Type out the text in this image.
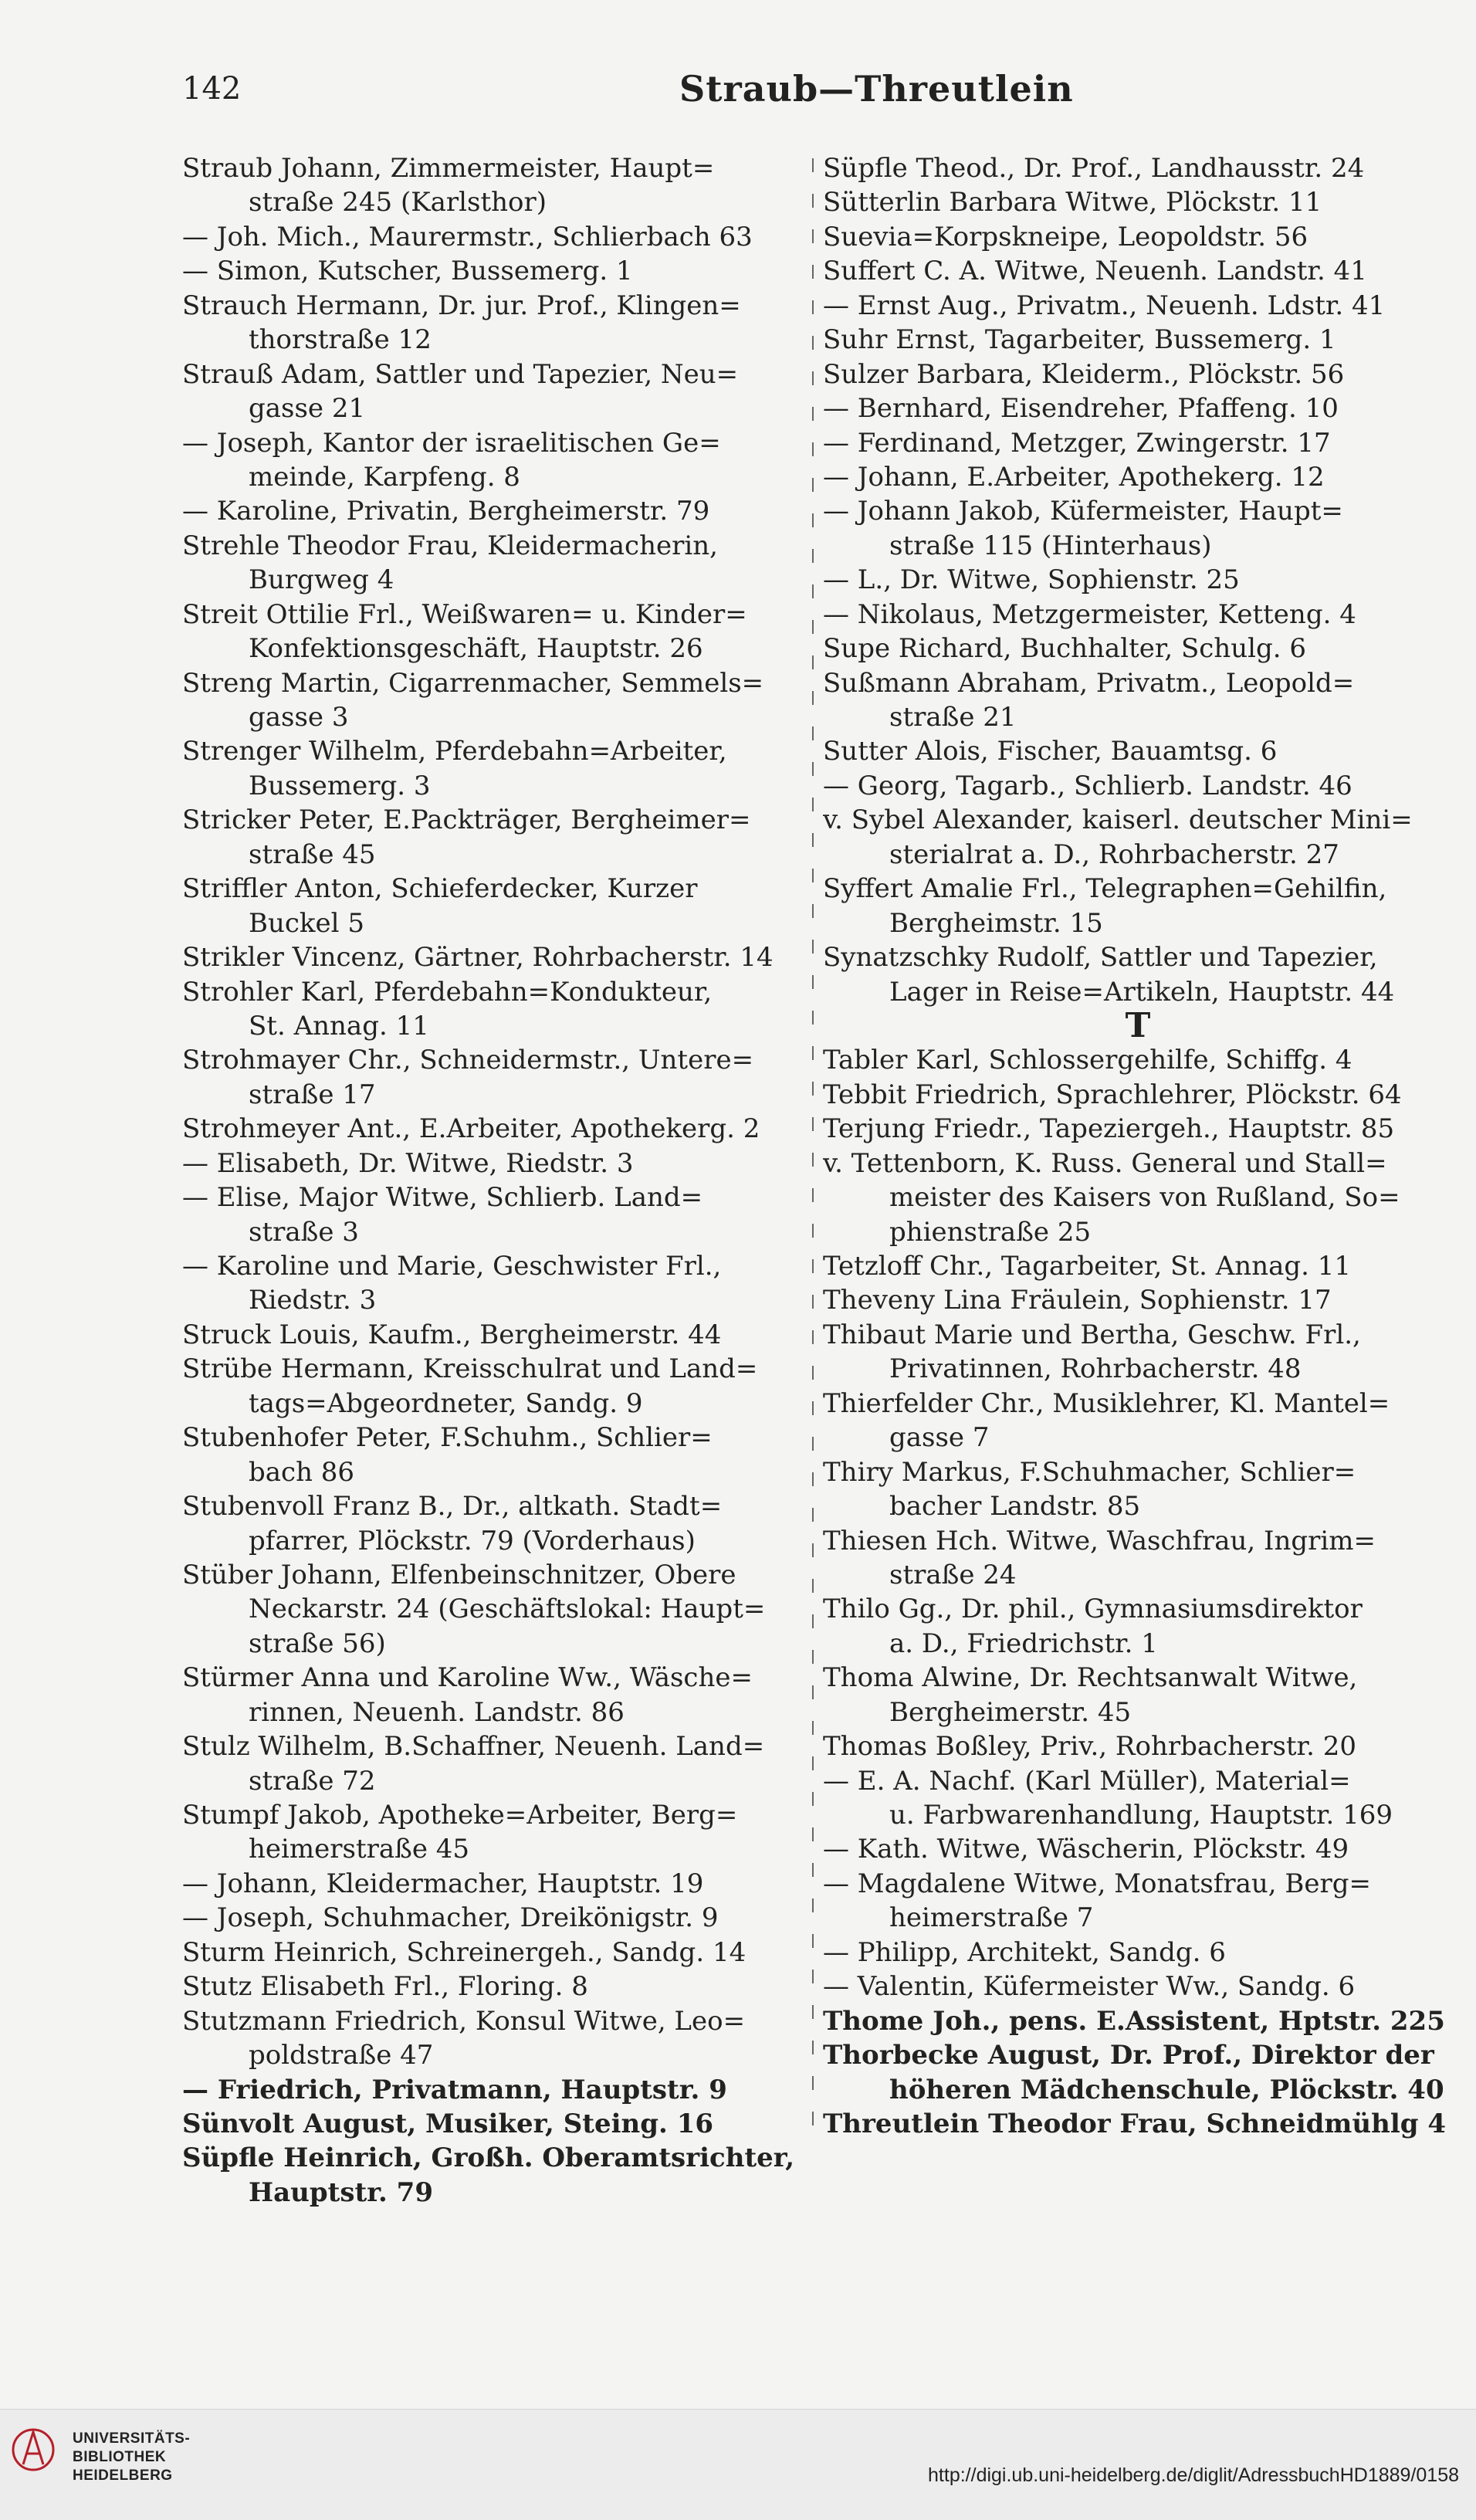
142	Straub—Threutlein
Straub Johann, Zimmermeister, Haupt=
straße 245 (Karlsthor)
— Joh. Mich., Maurermstr., Schlierbach 63
— Simon, Kutscher, Bussemerg. 1
Strauch Hermann, Dr. jur. Prof., Klingen=
thorstraße 12
Strauß Adam, Sattler und Tapezier, Neu=
gasse 21
— Joseph, Kantor der israelitischen Ge=
meinde, Karpfeng. 8
— Karoline, Privatin, Bergheimerstr. 79
Strehle Theodor Frau, Kleidermacherin,
Burgweg 4
Streit Ottilie Frl., Weißwaren= u. Kinder=
Konfektionsgeschäft, Hauptstr. 26
Streng Martin, Cigarrenmacher, Semmels=
gasse 3
Strenger Wilhelm, Pferdebahn=Arbeiter,
Bussemerg. 3
Stricker Peter, E.Packträger, Bergheimer=
straße 45
Striffler Anton, Schieferdecker, Kurzer
Buckel 5
Strikler Vincenz, Gärtner, Rohrbacherstr. 14
Strohler Karl, Pferdebahn=Kondukteur,
St. Annag. 11
Strohmayer Chr., Schneidermstr., Untere=
straße 17
Strohmeyer Ant., E.Arbeiter, Apothekerg. 2
— Elisabeth, Dr. Witwe, Riedstr. 3
— Elise, Major Witwe, Schlierb. Land=
straße 3
— Karoline und Marie, Geschwister Frl.,
Riedstr. 3
Struck Louis, Kaufm., Bergheimerstr. 44
Strübe Hermann, Kreisschulrat und Land=
tags=Abgeordneter, Sandg. 9
Stubenhofer Peter, F.Schuhm., Schlier=
bach 86
Stubenvoll Franz B., Dr., altkath. Stadt=
pfarrer, Plöckstr. 79 (Vorderhaus)
Stüber Johann, Elfenbeinschnitzer, Obere
Neckarstr. 24 (Geschäftslokal: Haupt=
straße 56)
Stürmer Anna und Karoline Ww., Wäsche=
rinnen, Neuenh. Landstr. 86
Stulz Wilhelm, B.Schaffner, Neuenh. Land=
straße 72
Stumpf Jakob, Apotheke=Arbeiter, Berg=
heimerstraße 45
— Johann, Kleidermacher, Hauptstr. 19
— Joseph, Schuhmacher, Dreikönigstr. 9
Sturm Heinrich, Schreinergeh., Sandg. 14
Stutz Elisabeth Frl., Floring. 8
Stutzmann Friedrich, Konsul Witwe, Leo=
poldstraße 47
— Friedrich, Privatmann, Hauptstr. 9
Sünvolt August, Musiker, Steing. 16
Süpfle Heinrich, Großh. Oberamtsrichter,
Hauptstr. 79
Süpfle Theod., Dr. Prof., Landhausstr. 24
Sütterlin Barbara Witwe, Plöckstr. 11
Suevia=Korpskneipe, Leopoldstr. 56
Suffert C. A. Witwe, Neuenh. Landstr. 41
— Ernst Aug., Privatm., Neuenh. Ldstr. 41
Suhr Ernst, Tagarbeiter, Bussemerg. 1
Sulzer Barbara, Kleiderm., Plöckstr. 56
— Bernhard, Eisendreher, Pfaffeng. 10
— Ferdinand, Metzger, Zwingerstr. 17
— Johann, E.Arbeiter, Apothekerg. 12
— Johann Jakob, Küfermeister, Haupt=
straße 115 (Hinterhaus)
— L., Dr. Witwe, Sophienstr. 25
— Nikolaus, Metzgermeister, Ketteng. 4
Supe Richard, Buchhalter, Schulg. 6
Sußmann Abraham, Privatm., Leopold=
straße 21
Sutter Alois, Fischer, Bauamtsg. 6
— Georg, Tagarb., Schlierb. Landstr. 46
v. Sybel Alexander, kaiserl. deutscher Mini=
sterialrat a. D., Rohrbacherstr. 27
Syffert Amalie Frl., Telegraphen=Gehilfin,
Bergheimstr. 15
Synatzschky Rudolf, Sattler und Tapezier,
Lager in Reise=Artikeln, Hauptstr. 44
T
Tabler Karl, Schlossergehilfe, Schiffg. 4
Tebbit Friedrich, Sprachlehrer, Plöckstr. 64
Terjung Friedr., Tapeziergeh., Hauptstr. 85
v. Tettenborn, K. Russ. General und Stall=
meister des Kaisers von Rußland, So=
phienstraße 25
Tetzloff Chr., Tagarbeiter, St. Annag. 11
Theveny Lina Fräulein, Sophienstr. 17
Thibaut Marie und Bertha, Geschw. Frl.,
Privatinnen, Rohrbacherstr. 48
Thierfelder Chr., Musiklehrer, Kl. Mantel=
gasse 7
Thiry Markus, F.Schuhmacher, Schlier=
bacher Landstr. 85
Thiesen Hch. Witwe, Waschfrau, Ingrim=
straße 24
Thilo Gg., Dr. phil., Gymnasiumsdirektor
a. D., Friedrichstr. 1
Thoma Alwine, Dr. Rechtsanwalt Witwe,
Bergheimerstr. 45
Thomas Boßley, Priv., Rohrbacherstr. 20
— E. A. Nachf. (Karl Müller), Material=
u. Farbwarenhandlung, Hauptstr. 169
— Kath. Witwe, Wäscherin, Plöckstr. 49
— Magdalene Witwe, Monatsfrau, Berg=
heimerstraße 7
— Philipp, Architekt, Sandg. 6
— Valentin, Küfermeister Ww., Sandg. 6
Thome Joh., pens. E.Assistent, Hptstr. 225
Thorbecke August, Dr. Prof., Direktor der
höheren Mädchenschule, Plöckstr. 40
Threutlein Theodor Frau, Schneidmühlg 4
UNIVERSITÄTS-
BIBLIOTHEK
HEIDELBERG	http://digi.ub.uni-heidelberg.de/diglit/AdressbuchHD1889/0158
